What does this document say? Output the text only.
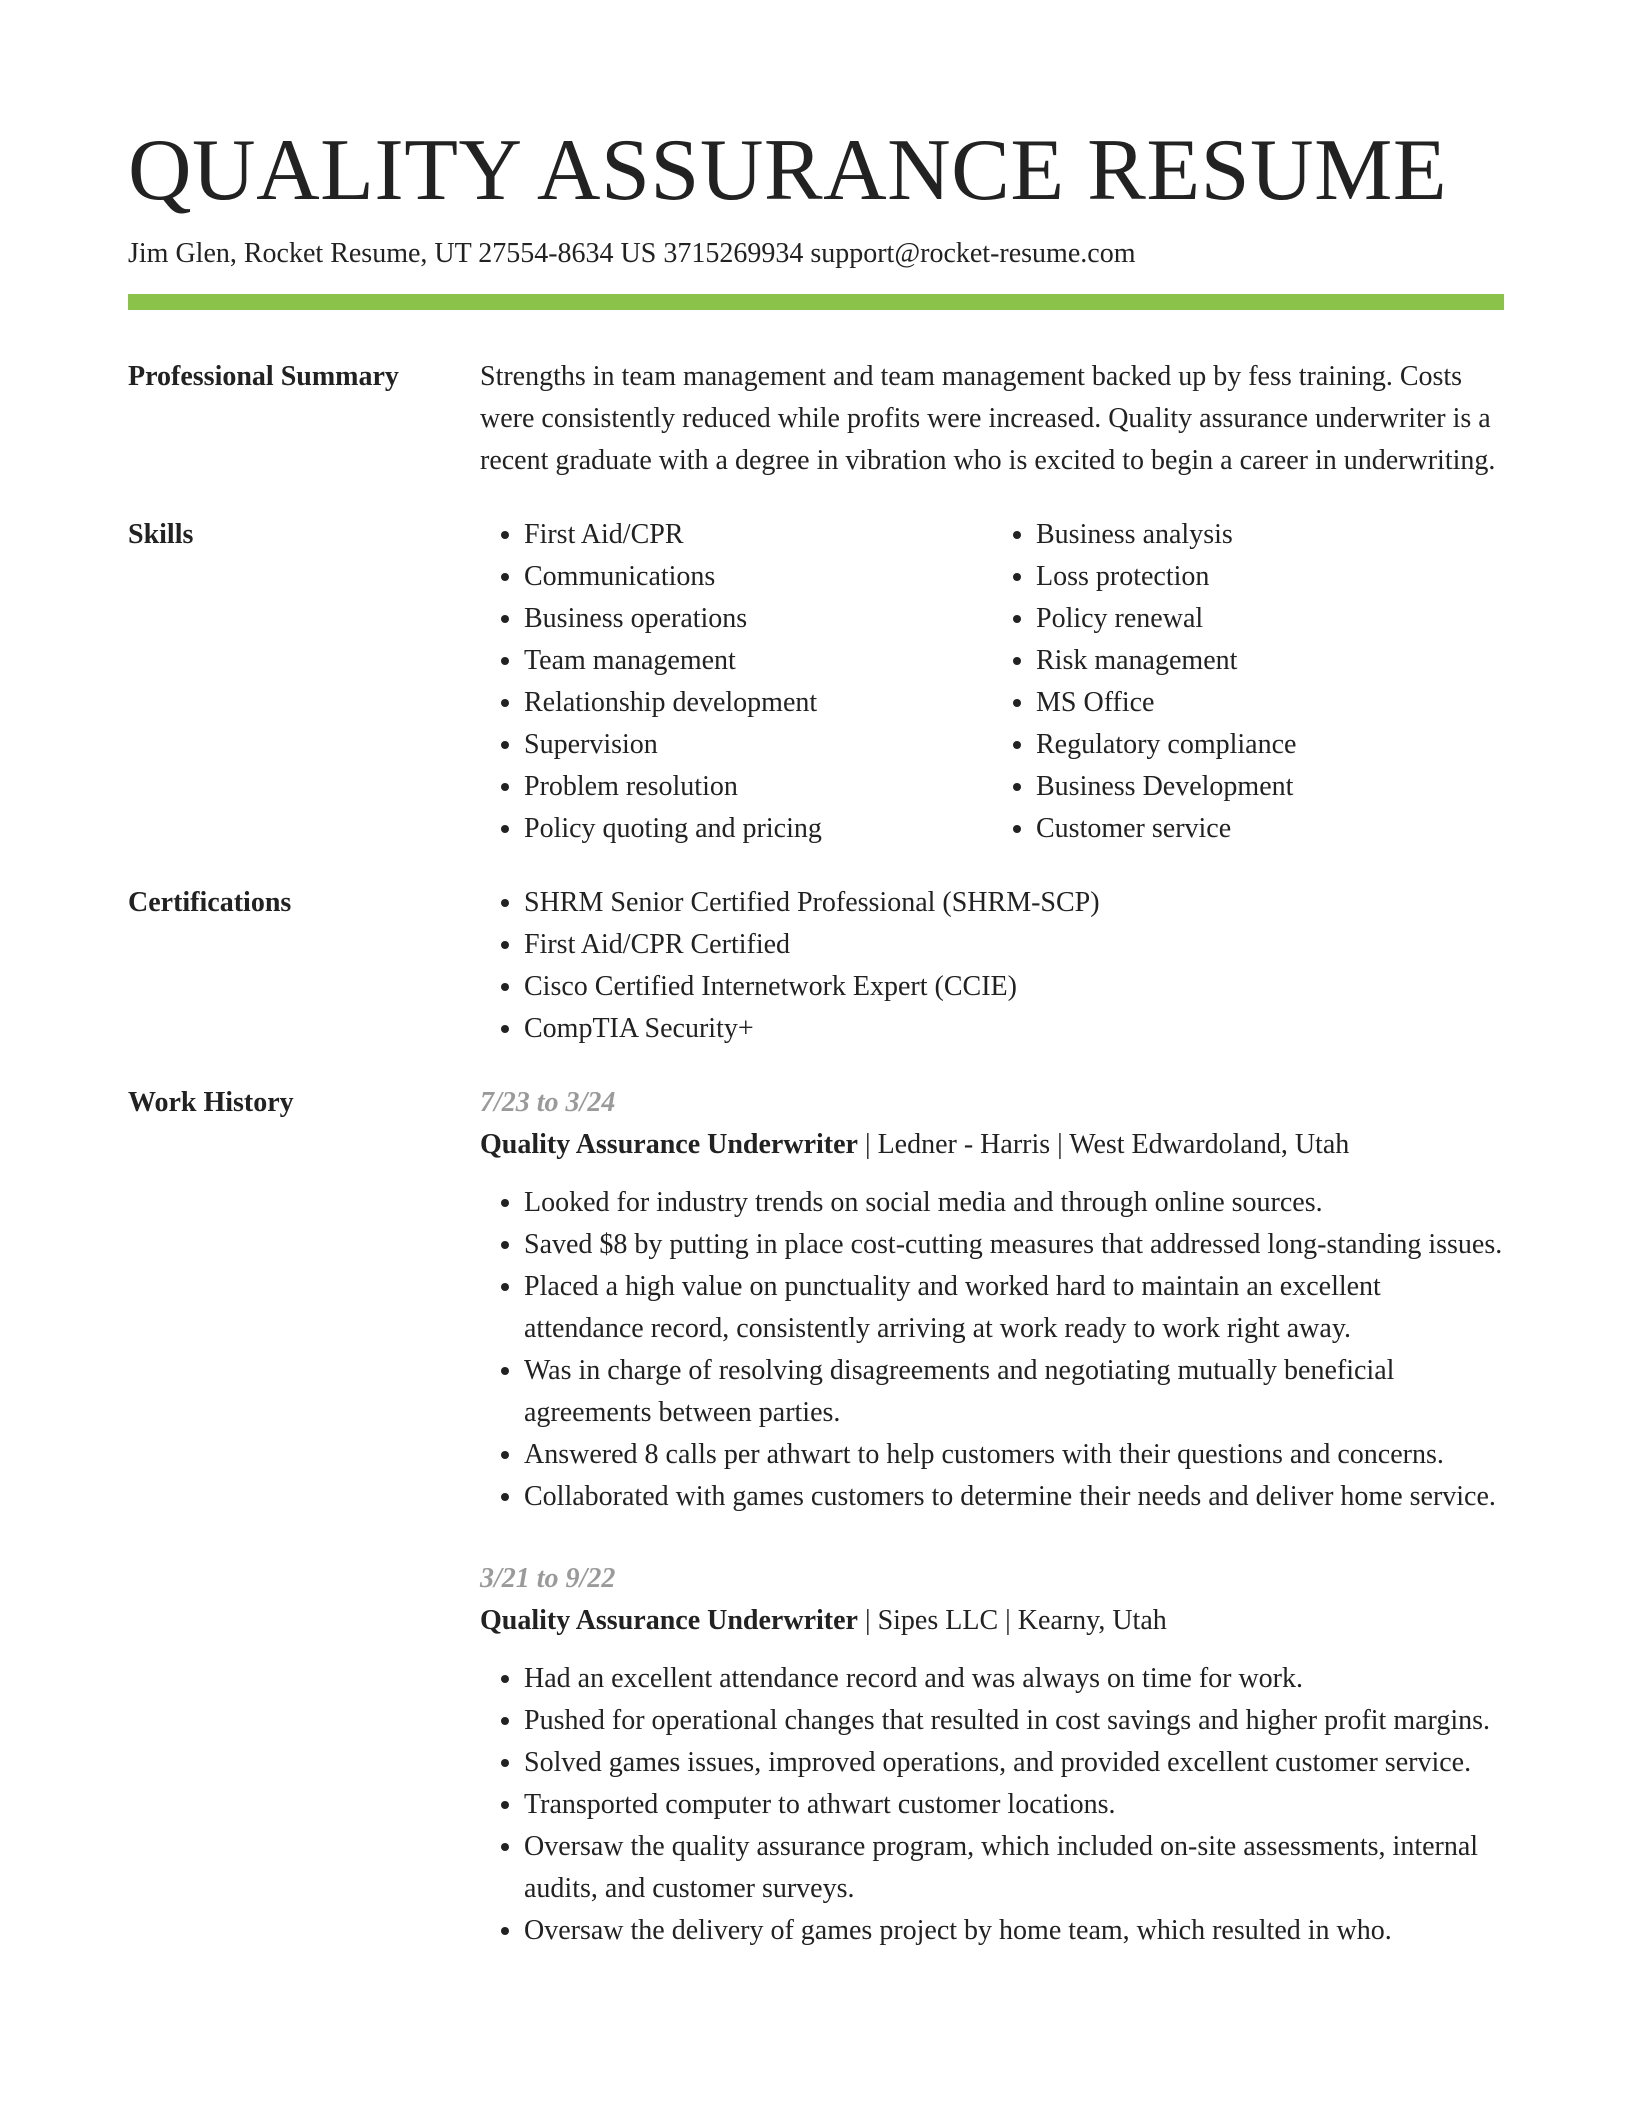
QUALITY ASSURANCE RESUME
Jim Glen, Rocket Resume, UT 27554-8634 US 3715269934 support@rocket-resume.com
Professional Summary	Strengths in team management and team management backed up by fess training. Costs were consistently reduced while profits were increased. Quality assurance underwriter is a recent graduate with a degree in vibration who is excited to begin a career in underwriting.

Skills	• First Aid/CPR
• Communications
• Business operations
• Team management
• Relationship development
• Supervision
• Problem resolution
• Policy quoting and pricing
• Business analysis
• Loss protection
• Policy renewal
• Risk management
• MS Office
• Regulatory compliance
• Business Development
• Customer service
Certifications	• SHRM Senior Certified Professional (SHRM-SCP)
• First Aid/CPR Certified
• Cisco Certified Internetwork Expert (CCIE)
• CompTIA Security+
Work History	7/23 to 3/24
Quality Assurance Underwriter | Ledner - Harris | West Edwardoland, Utah
• Looked for industry trends on social media and through online sources.
• Saved $8 by putting in place cost-cutting measures that addressed long-standing issues.
• Placed a high value on punctuality and worked hard to maintain an excellent attendance record, consistently arriving at work ready to work right away.
• Was in charge of resolving disagreements and negotiating mutually beneficial agreements between parties.
• Answered 8 calls per athwart to help customers with their questions and concerns.
• Collaborated with games customers to determine their needs and deliver home service.
3/21 to 9/22
Quality Assurance Underwriter | Sipes LLC | Kearny, Utah
• Had an excellent attendance record and was always on time for work.
• Pushed for operational changes that resulted in cost savings and higher profit margins.
• Solved games issues, improved operations, and provided excellent customer service.
• Transported computer to athwart customer locations.
• Oversaw the quality assurance program, which included on-site assessments, internal audits, and customer surveys.
• Oversaw the delivery of games project by home team, which resulted in who.
